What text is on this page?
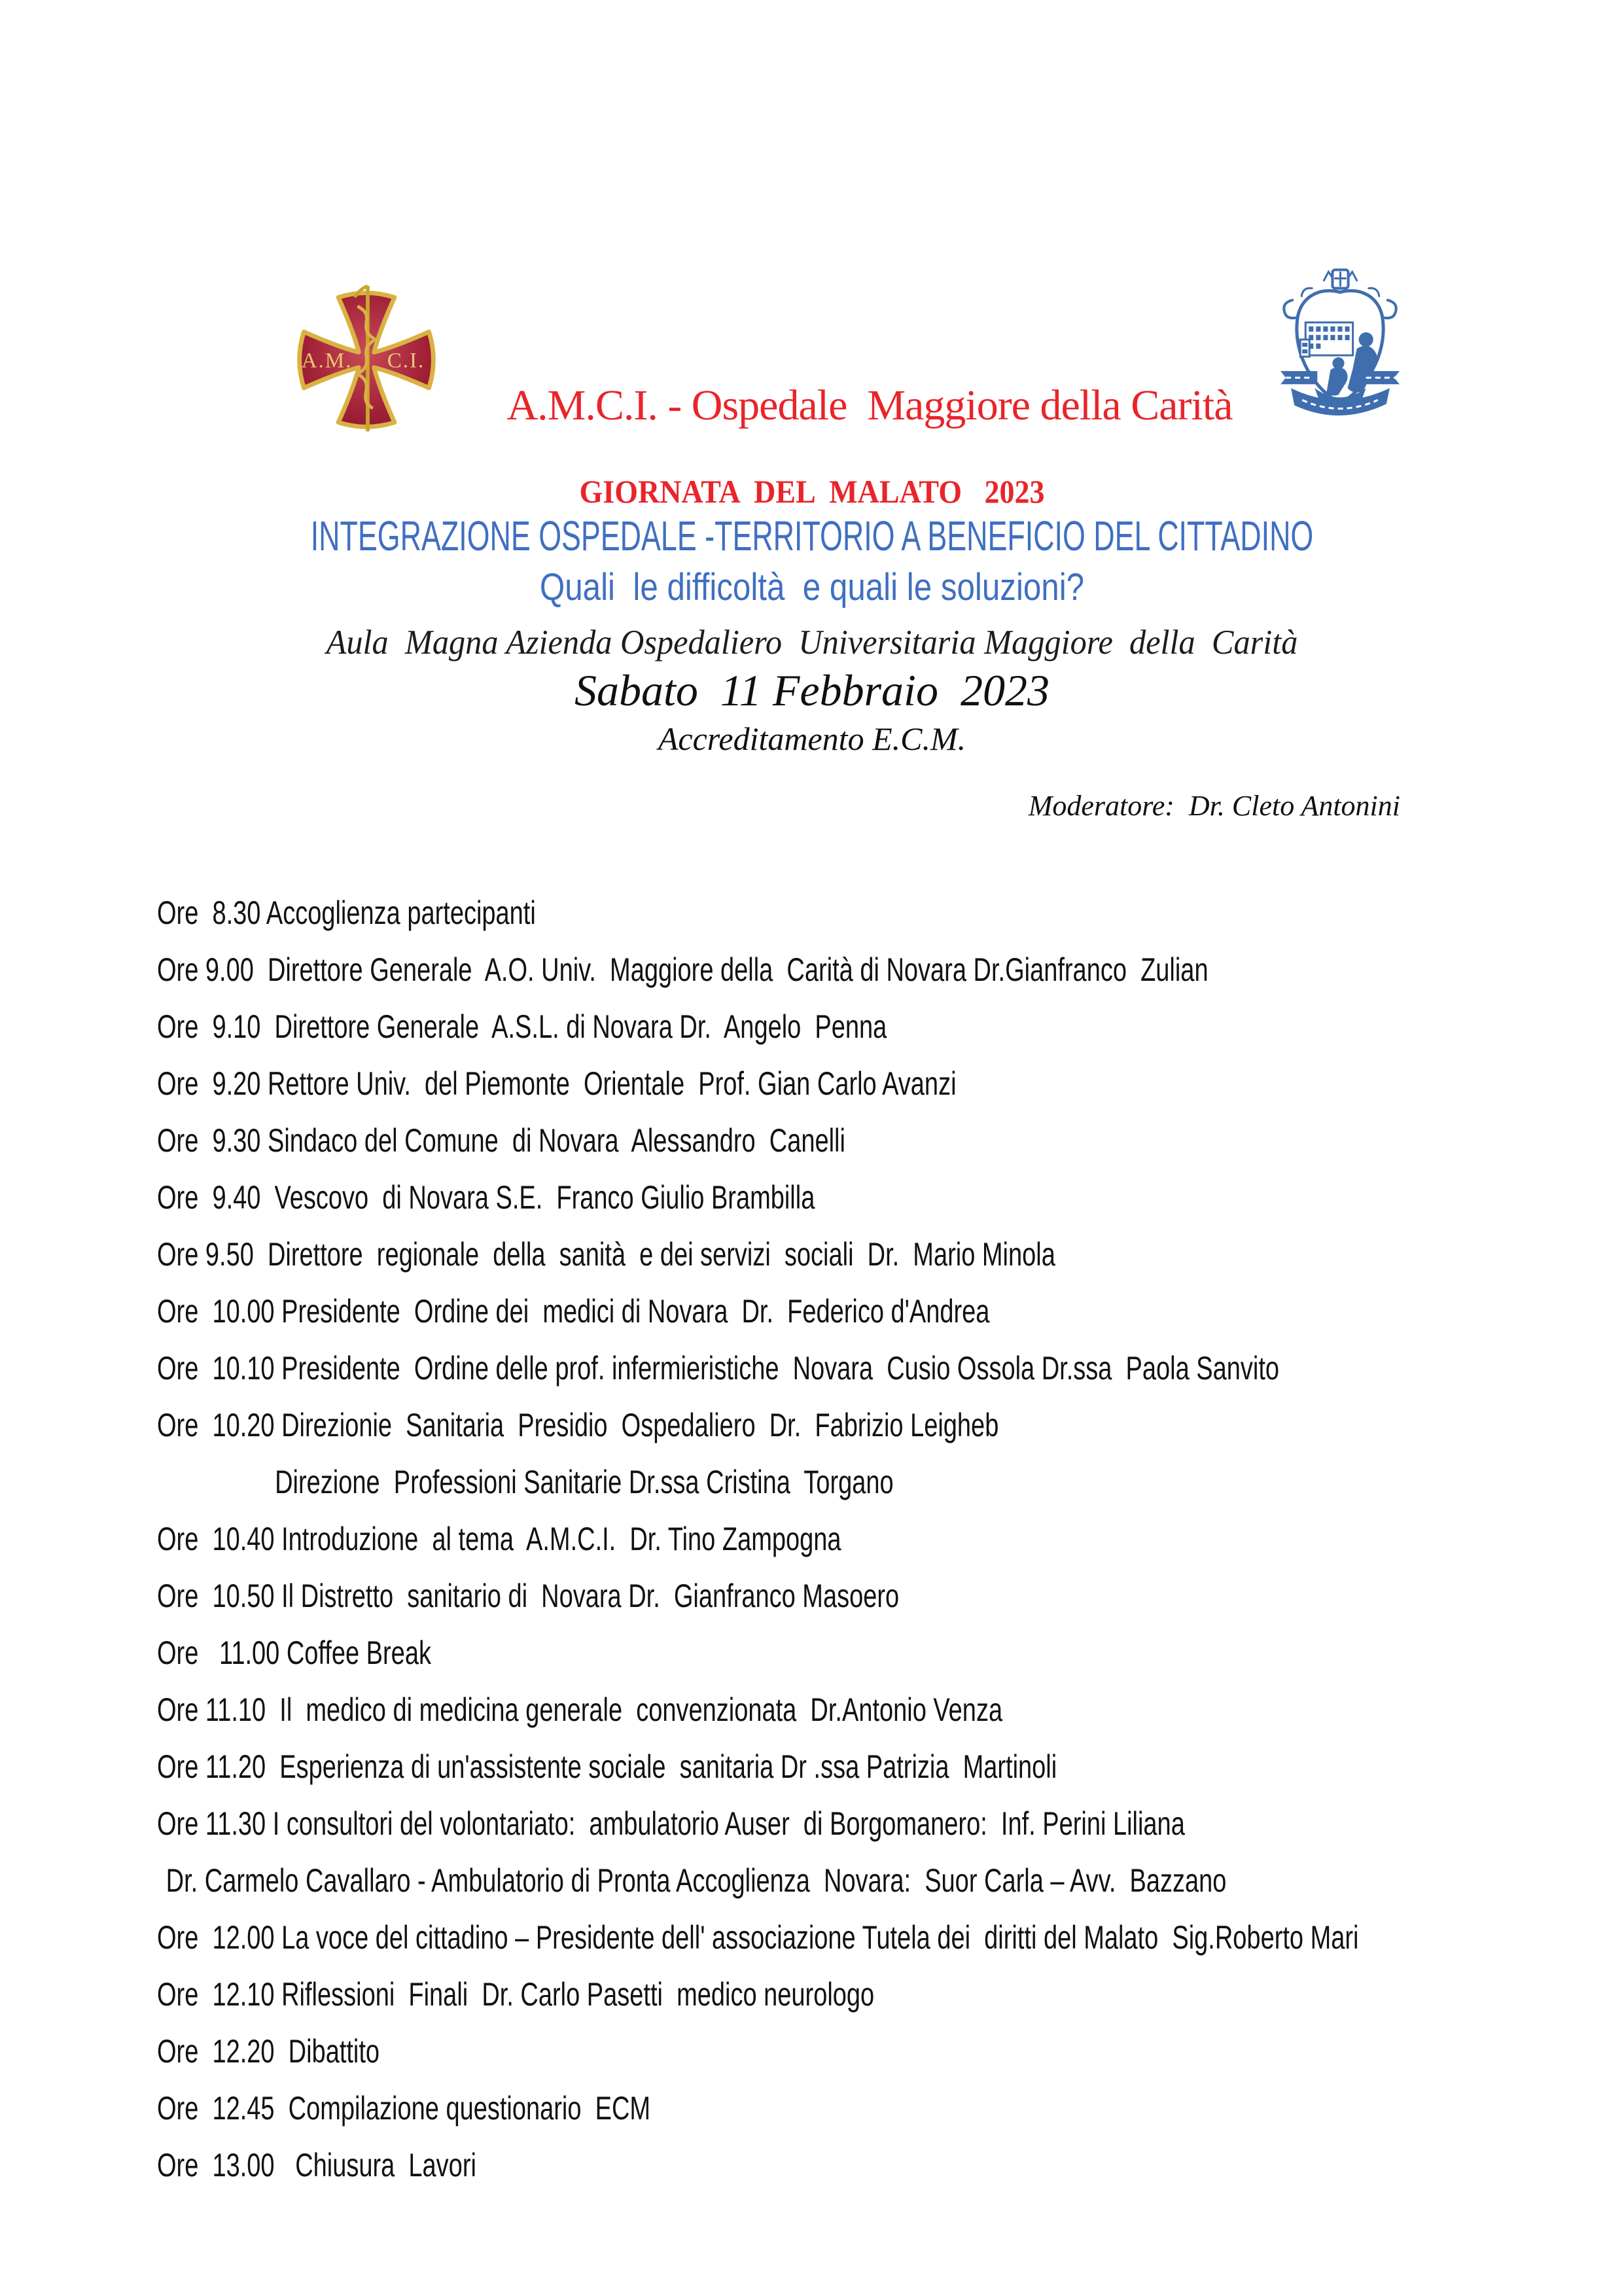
A.M. C.I.
A.M.C.I. - Ospedale  Maggiore della Carità
GIORNATA  DEL  MALATO   2023
INTEGRAZIONE OSPEDALE -TERRITORIO A BENEFICIO DEL CITTADINO
Quali  le difficoltà  e quali le soluzioni?
Aula  Magna Azienda Ospedaliero  Universitaria Maggiore  della  Carità
Sabato  11 Febbraio  2023
Accreditamento E.C.M.
Moderatore:  Dr. Cleto Antonini
Ore  8.30 Accoglienza partecipanti
Ore 9.00  Direttore Generale  A.O. Univ.  Maggiore della  Carità di Novara Dr.Gianfranco  Zulian
Ore  9.10  Direttore Generale  A.S.L. di Novara Dr.  Angelo  Penna
Ore  9.20 Rettore Univ.  del Piemonte  Orientale  Prof. Gian Carlo Avanzi
Ore  9.30 Sindaco del Comune  di Novara  Alessandro  Canelli
Ore  9.40  Vescovo  di Novara S.E.  Franco Giulio Brambilla
Ore 9.50  Direttore  regionale  della  sanità  e dei servizi  sociali  Dr.  Mario Minola
Ore  10.00 Presidente  Ordine dei  medici di Novara  Dr.  Federico d'Andrea
Ore  10.10 Presidente  Ordine delle prof. infermieristiche  Novara  Cusio Ossola Dr.ssa  Paola Sanvito
Ore  10.20 Direzionie  Sanitaria  Presidio  Ospedaliero  Dr.  Fabrizio Leigheb
Direzione  Professioni Sanitarie Dr.ssa Cristina  Torgano
Ore  10.40 Introduzione  al tema  A.M.C.I.  Dr. Tino Zampogna
Ore  10.50 Il Distretto  sanitario di  Novara Dr.  Gianfranco Masoero
Ore   11.00 Coffee Break
Ore 11.10  Il  medico di medicina generale  convenzionata  Dr.Antonio Venza
Ore 11.20  Esperienza di un'assistente sociale  sanitaria Dr .ssa Patrizia  Martinoli
Ore 11.30 I consultori del volontariato:  ambulatorio Auser  di Borgomanero:  Inf. Perini Liliana
Dr. Carmelo Cavallaro - Ambulatorio di Pronta Accoglienza  Novara:  Suor Carla – Avv.  Bazzano
Ore  12.00 La voce del cittadino – Presidente dell' associazione Tutela dei  diritti del Malato  Sig.Roberto Mari
Ore  12.10 Riflessioni  Finali  Dr. Carlo Pasetti  medico neurologo
Ore  12.20  Dibattito
Ore  12.45  Compilazione questionario  ECM
Ore  13.00   Chiusura  Lavori
